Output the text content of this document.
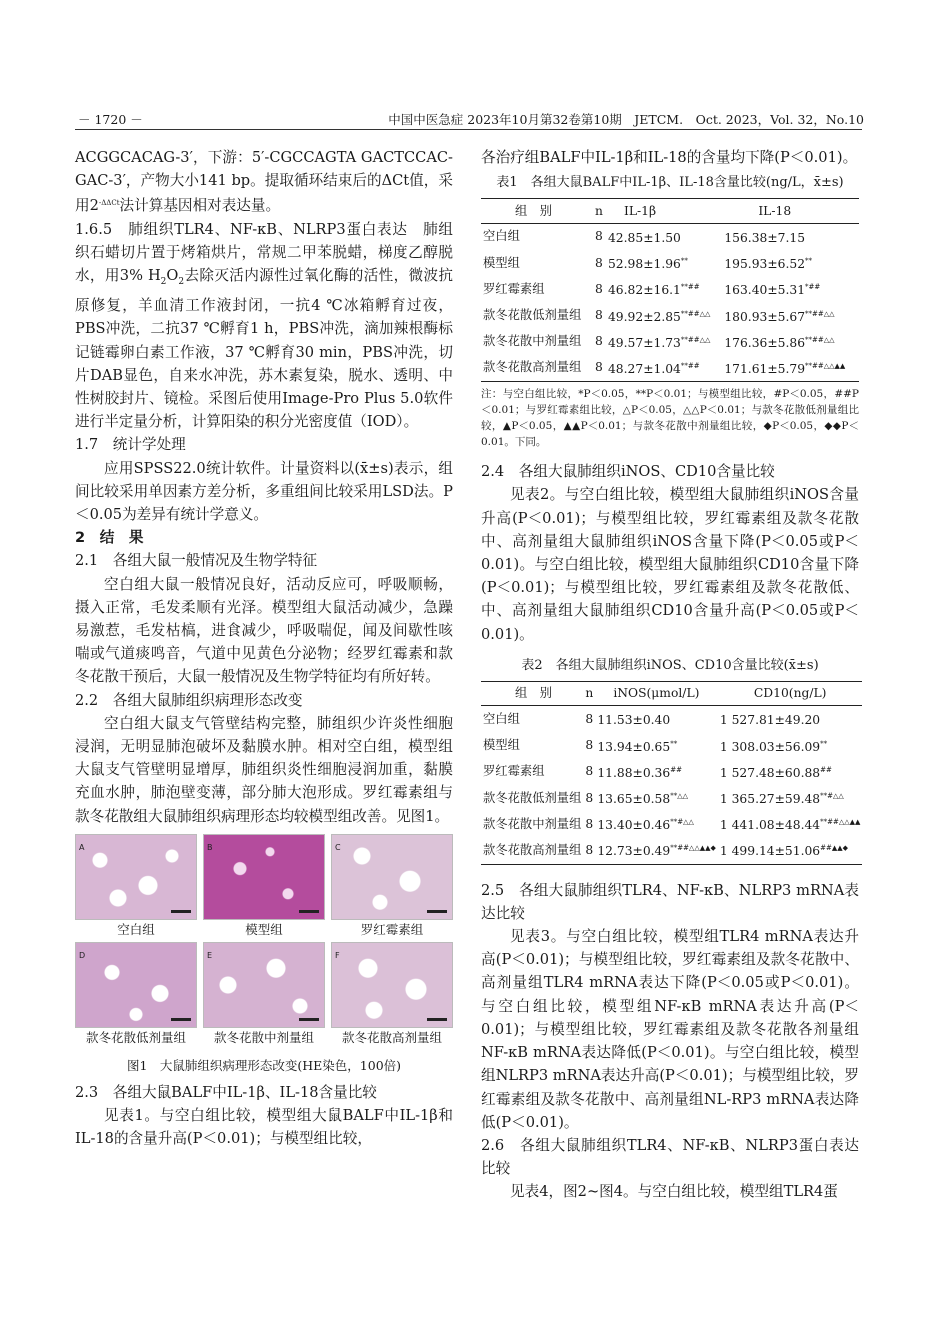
－ 1720 －	中国中医急症 2023年10月第32卷第10期　JETCM.　Oct. 2023，Vol. 32，No.10

ACGGCACAG-3′，下游：5′-CGCCAGTA GACTCCAC-GAC-3′，产物大小141 bp。提取循环结束后的ΔCt值，采用$2^{-\Delta\Delta Ct}$法计算基因相对表达量。

1.6.5　肺组织TLR4、NF-κB、NLRP3蛋白表达　肺组织石蜡切片置于烤箱烘片，常规二甲苯脱蜡，梯度乙醇脱水，用3% $H_2O_2$去除灭活内源性过氧化酶的活性，微波抗原修复，羊血清工作液封闭，一抗4 ℃冰箱孵育过夜，PBS冲洗，二抗37 ℃孵育1 h，PBS冲洗，滴加辣根酶标记链霉卵白素工作液，37 ℃孵育30 min，PBS冲洗，切片DAB显色，自来水冲洗，苏木素复染，脱水、透明、中性树胶封片、镜检。采图后使用Image-Pro Plus 5.0软件进行半定量分析，计算阳染的积分光密度值（IOD）。

1.7　统计学处理

应用SPSS22.0统计软件。计量资料以(x̄±s)表示，组间比较采用单因素方差分析，多重组间比较采用LSD法。P＜0.05为差异有统计学意义。

2　结　果

2.1　各组大鼠一般情况及生物学特征

空白组大鼠一般情况良好，活动反应可，呼吸顺畅，摄入正常，毛发柔顺有光泽。模型组大鼠活动减少，急躁易激惹，毛发枯槁，进食减少，呼吸喘促，闻及间歇性咳喘或气道痰鸣音，气道中见黄色分泌物；经罗红霉素和款冬花散干预后，大鼠一般情况及生物学特征均有所好转。

2.2　各组大鼠肺组织病理形态改变

空白组大鼠支气管壁结构完整，肺组织少许炎性细胞浸润，无明显肺泡破坏及黏膜水肿。相对空白组，模型组大鼠支气管壁明显增厚，肺组织炎性细胞浸润加重，黏膜充血水肿，肺泡壁变薄，部分肺大泡形成。罗红霉素组与款冬花散组大鼠肺组织病理形态均较模型组改善。见图1。

A
空白组
B
模型组
C
罗红霉素组
D
款冬花散低剂量组
E
款冬花散中剂量组
F
款冬花散高剂量组
图1　大鼠肺组织病理形态改变(HE染色，100倍)

2.3　各组大鼠BALF中IL-1β、IL-18含量比较

见表1。与空白组比较，模型组大鼠BALF中IL-1β和IL-18的含量升高(P＜0.01)；与模型组比较，

各治疗组BALF中IL-1β和IL-18的含量均下降(P＜0.01)。

表1　各组大鼠BALF中IL-1β、IL-18含量比较(ng/L，x̄±s)
组　别	n	IL-1β	IL-18
空白组	8	42.85±1.50	156.38±7.15
模型组	8	52.98±1.96**	195.93±6.52**
罗红霉素组	8	46.82±16.1**##	163.40±5.31*##
款冬花散低剂量组	8	49.92±2.85**##△△	180.93±5.67**##△△
款冬花散中剂量组	8	49.57±1.73**##△△	176.36±5.86**##△△
款冬花散高剂量组	8	48.27±1.04**##	171.61±5.79**##△△▲▲
注：与空白组比较，*P＜0.05，**P＜0.01；与模型组比较，#P＜0.05，##P＜0.01；与罗红霉素组比较，△P＜0.05，△△P＜0.01；与款冬花散低剂量组比较，▲P＜0.05，▲▲P＜0.01；与款冬花散中剂量组比较，◆P＜0.05，◆◆P＜0.01。下同。

2.4　各组大鼠肺组织iNOS、CD10含量比较

见表2。与空白组比较，模型组大鼠肺组织iNOS含量升高(P＜0.01)；与模型组比较，罗红霉素组及款冬花散中、高剂量组大鼠肺组织iNOS含量下降(P＜0.05或P＜0.01)。与空白组比较，模型组大鼠肺组织CD10含量下降(P＜0.01)；与模型组比较，罗红霉素组及款冬花散低、中、高剂量组大鼠肺组织CD10含量升高(P＜0.05或P＜0.01)。

表2　各组大鼠肺组织iNOS、CD10含量比较(x̄±s)
组　别	n	iNOS(μmol/L)	CD10(ng/L)
空白组	8	11.53±0.40	1 527.81±49.20
模型组	8	13.94±0.65**	1 308.03±56.09**
罗红霉素组	8	11.88±0.36##	1 527.48±60.88##
款冬花散低剂量组	8	13.65±0.58**△△	1 365.27±59.48**#△△
款冬花散中剂量组	8	13.40±0.46**#△△	1 441.08±48.44**##△△▲▲
款冬花散高剂量组	8	12.73±0.49**##△△▲▲◆	1 499.14±51.06##▲▲◆

2.5　各组大鼠肺组织TLR4、NF-κB、NLRP3 mRNA表达比较

见表3。与空白组比较，模型组TLR4 mRNA表达升高(P＜0.01)；与模型组比较，罗红霉素组及款冬花散中、高剂量组TLR4 mRNA表达下降(P＜0.05或P＜0.01)。与空白组比较，模型组NF-κB mRNA表达升高(P＜0.01)；与模型组比较，罗红霉素组及款冬花散各剂量组NF-κB mRNA表达降低(P＜0.01)。与空白组比较，模型组NLRP3 mRNA表达升高(P＜0.01)；与模型组比较，罗红霉素组及款冬花散中、高剂量组NL-RP3 mRNA表达降低(P＜0.01)。

2.6　各组大鼠肺组织TLR4、NF-κB、NLRP3蛋白表达比较

见表4，图2~图4。与空白组比较，模型组TLR4蛋
